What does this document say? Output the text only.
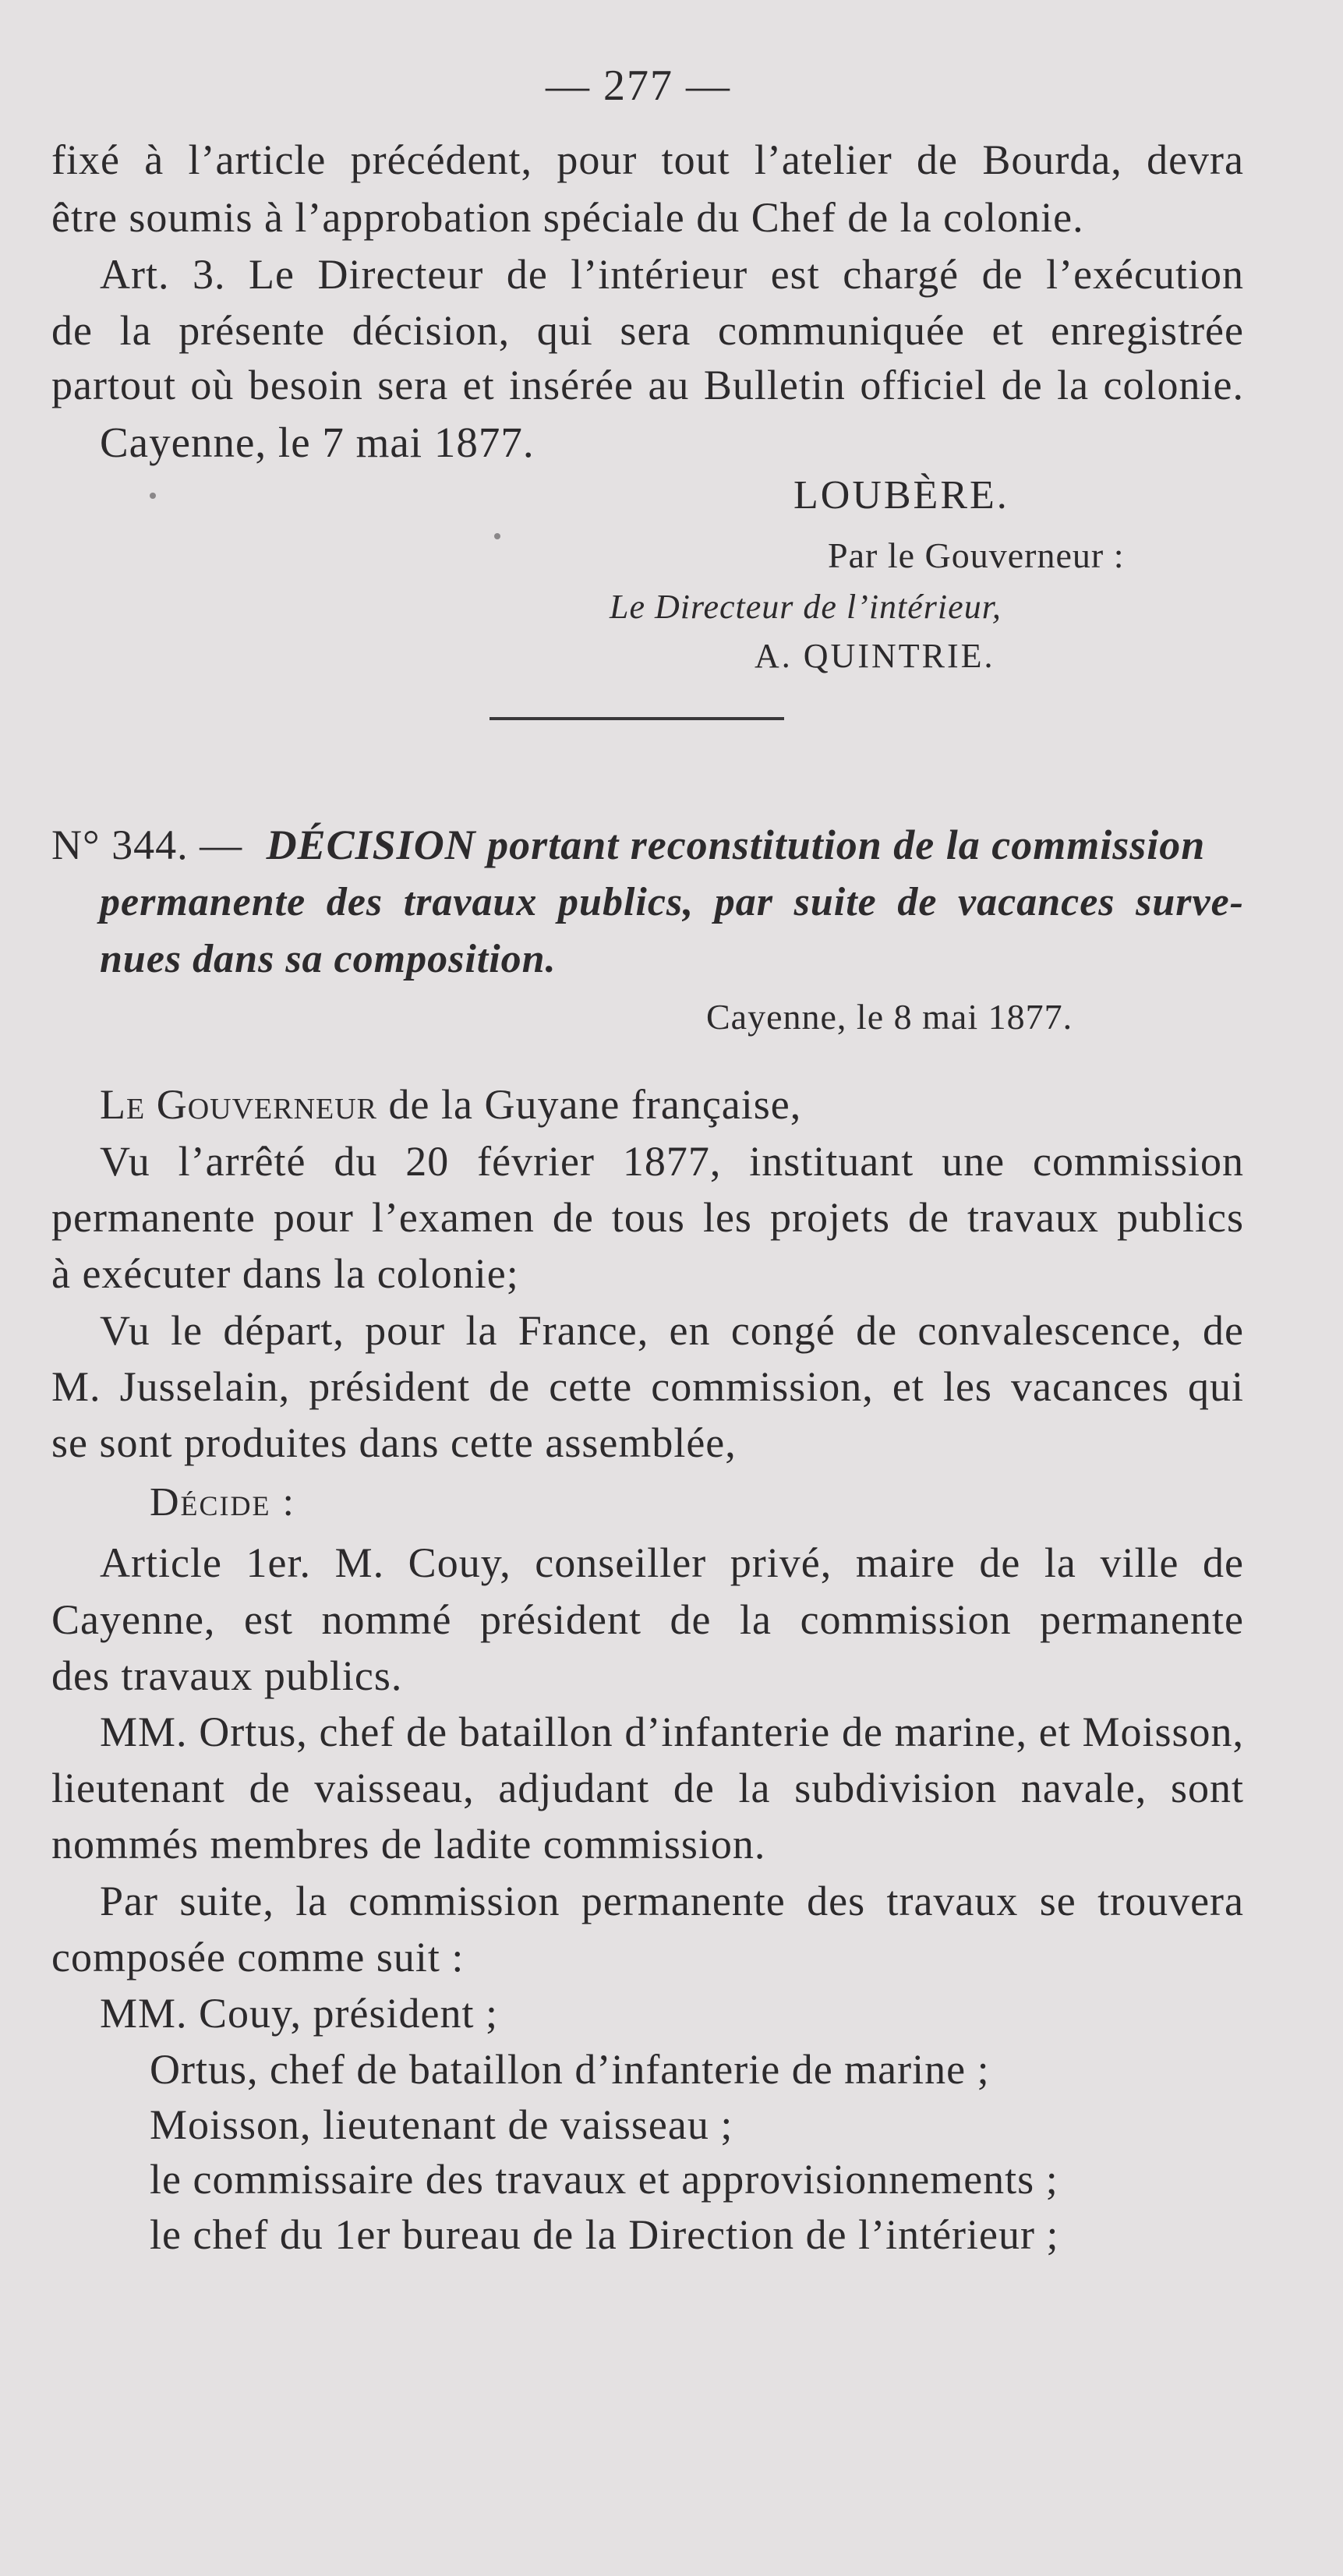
— 277 —
fixé à l’article précédent, pour tout l’atelier de Bourda, devra
être soumis à l’approbation spéciale du Chef de la colonie.
Art. 3. Le Directeur de l’intérieur est chargé de l’exécution
de la présente décision, qui sera communiquée et enregistrée
partout où besoin sera et insérée au Bulletin officiel de la colonie.
Cayenne, le 7 mai 1877.
LOUBÈRE.
Par le Gouverneur :
Le Directeur de l’intérieur,
A. QUINTRIE.
N° 344. — DÉCISION portant reconstitution de la commission
permanente des travaux publics, par suite de vacances surve-
nues dans sa composition.
Cayenne, le 8 mai 1877.
Le Gouverneur de la Guyane française,
Vu l’arrêté du 20 février 1877, instituant une commission
permanente pour l’examen de tous les projets de travaux publics
à exécuter dans la colonie;
Vu le départ, pour la France, en congé de convalescence, de
M. Jusselain, président de cette commission, et les vacances qui
se sont produites dans cette assemblée,
Décide :
Article 1er. M. Couy, conseiller privé, maire de la ville de
Cayenne, est nommé président de la commission permanente
des travaux publics.
MM. Ortus, chef de bataillon d’infanterie de marine, et Moisson,
lieutenant de vaisseau, adjudant de la subdivision navale, sont
nommés membres de ladite commission.
Par suite, la commission permanente des travaux se trouvera
composée comme suit :
MM. Couy, président ;
Ortus, chef de bataillon d’infanterie de marine ;
Moisson, lieutenant de vaisseau ;
le commissaire des travaux et approvisionnements ;
le chef du 1er bureau de la Direction de l’intérieur ;
